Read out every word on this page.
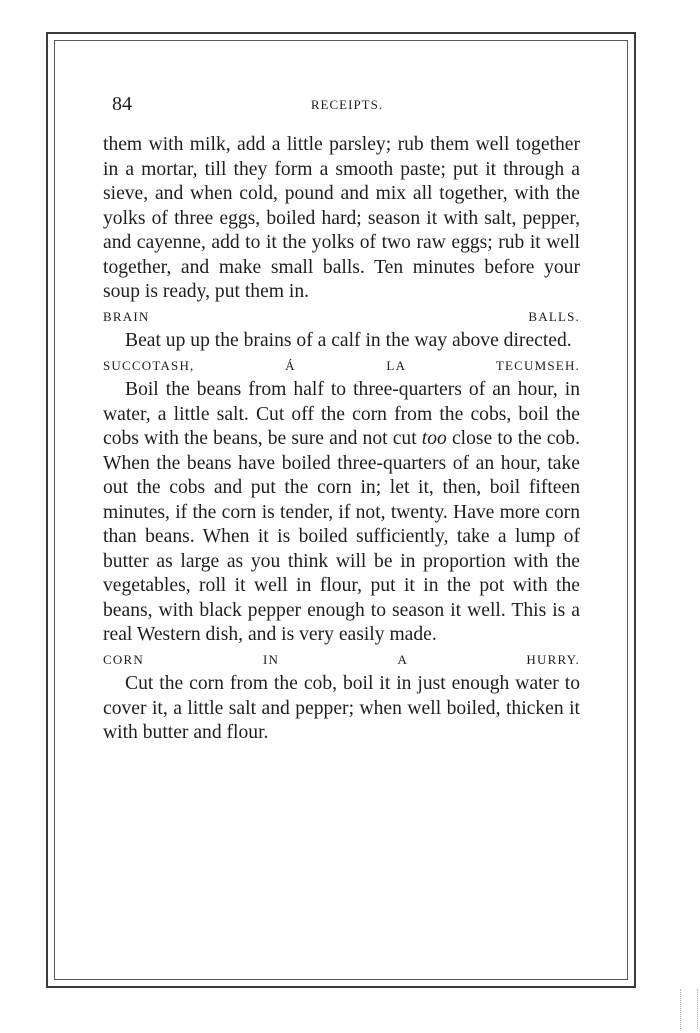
84	RECEIPTS.

them with milk, add a little parsley; rub them well together in a mortar, till they form a smooth paste; put it through a sieve, and when cold, pound and mix all together, with the yolks of three eggs, boiled hard; season it with salt, pepper, and cayenne, add to it the yolks of two raw eggs; rub it well together, and make small balls. Ten minutes before your soup is ready, put them in.

BRAIN BALLS.

Beat up up the brains of a calf in the way above directed.

SUCCOTASH, Á LA TECUMSEH.

Boil the beans from half to three-quarters of an hour, in water, a little salt. Cut off the corn from the cobs, boil the cobs with the beans, be sure and not cut too close to the cob. When the beans have boiled three-quarters of an hour, take out the cobs and put the corn in; let it, then, boil fifteen minutes, if the corn is tender, if not, twenty. Have more corn than beans. When it is boiled sufficiently, take a lump of butter as large as you think will be in proportion with the vegetables, roll it well in flour, put it in the pot with the beans, with black pepper enough to season it well. This is a real Western dish, and is very easily made.

CORN IN A HURRY.

Cut the corn from the cob, boil it in just enough water to cover it, a little salt and pepper; when well boiled, thicken it with butter and flour.
